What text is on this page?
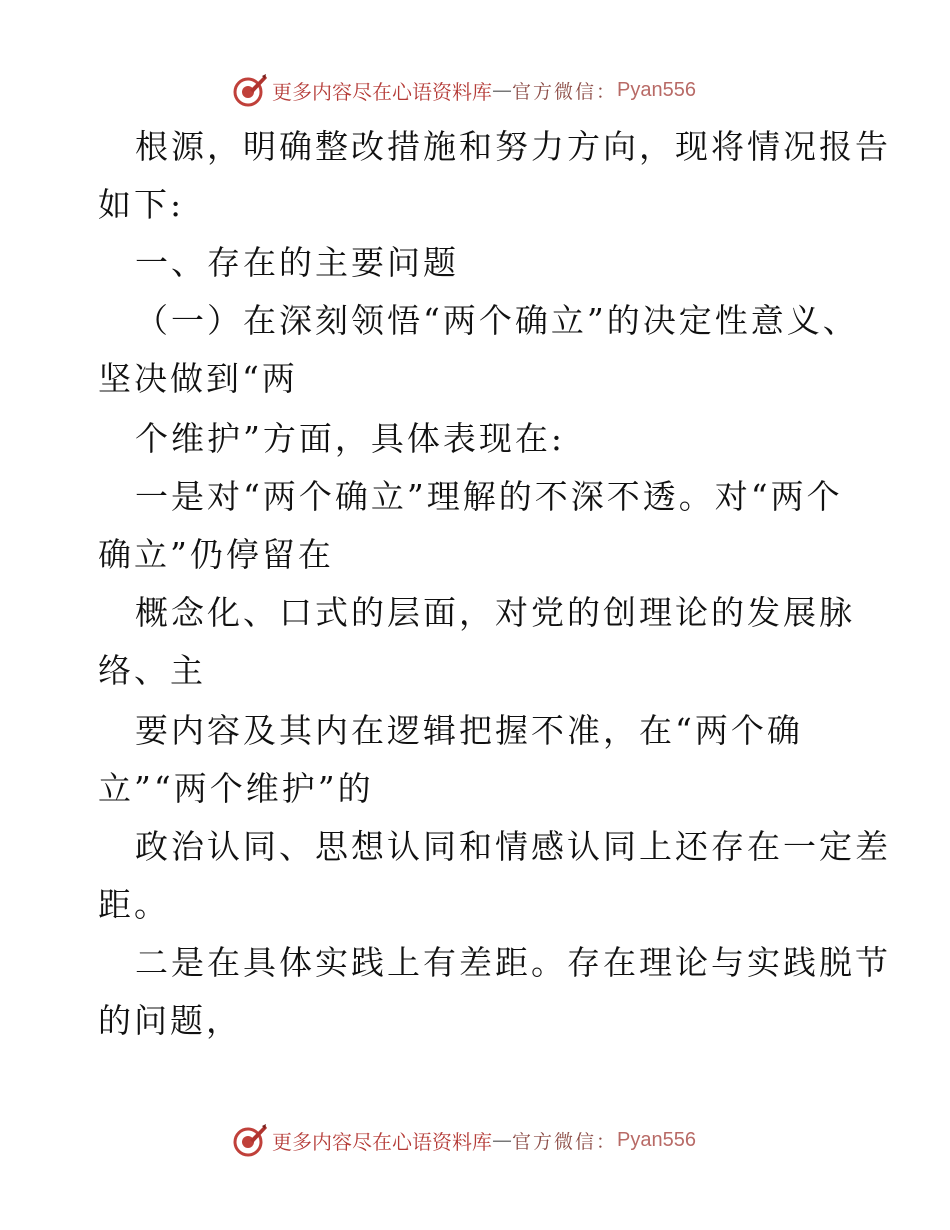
更多内容尽在心语资料库 — 官方微信： Pyan556
根源，明确整改措施和努力方向，现将情况报告
如下:
一、存在的主要问题
（一）在深刻领悟“两个确立”的决定性意义、
坚决做到“两
个维护”方面，具体表现在:
一是对“两个确立”理解的不深不透。对“两个
确立”仍停留在
概念化、口式的层面，对党的创理论的发展脉
络、主
要内容及其内在逻辑把握不准，在“两个确
立”“两个维护”的
政治认同、思想认同和情感认同上还存在一定差
距。
二是在具体实践上有差距。存在理论与实践脱节
的问题，
更多内容尽在心语资料库 — 官方微信： Pyan556
